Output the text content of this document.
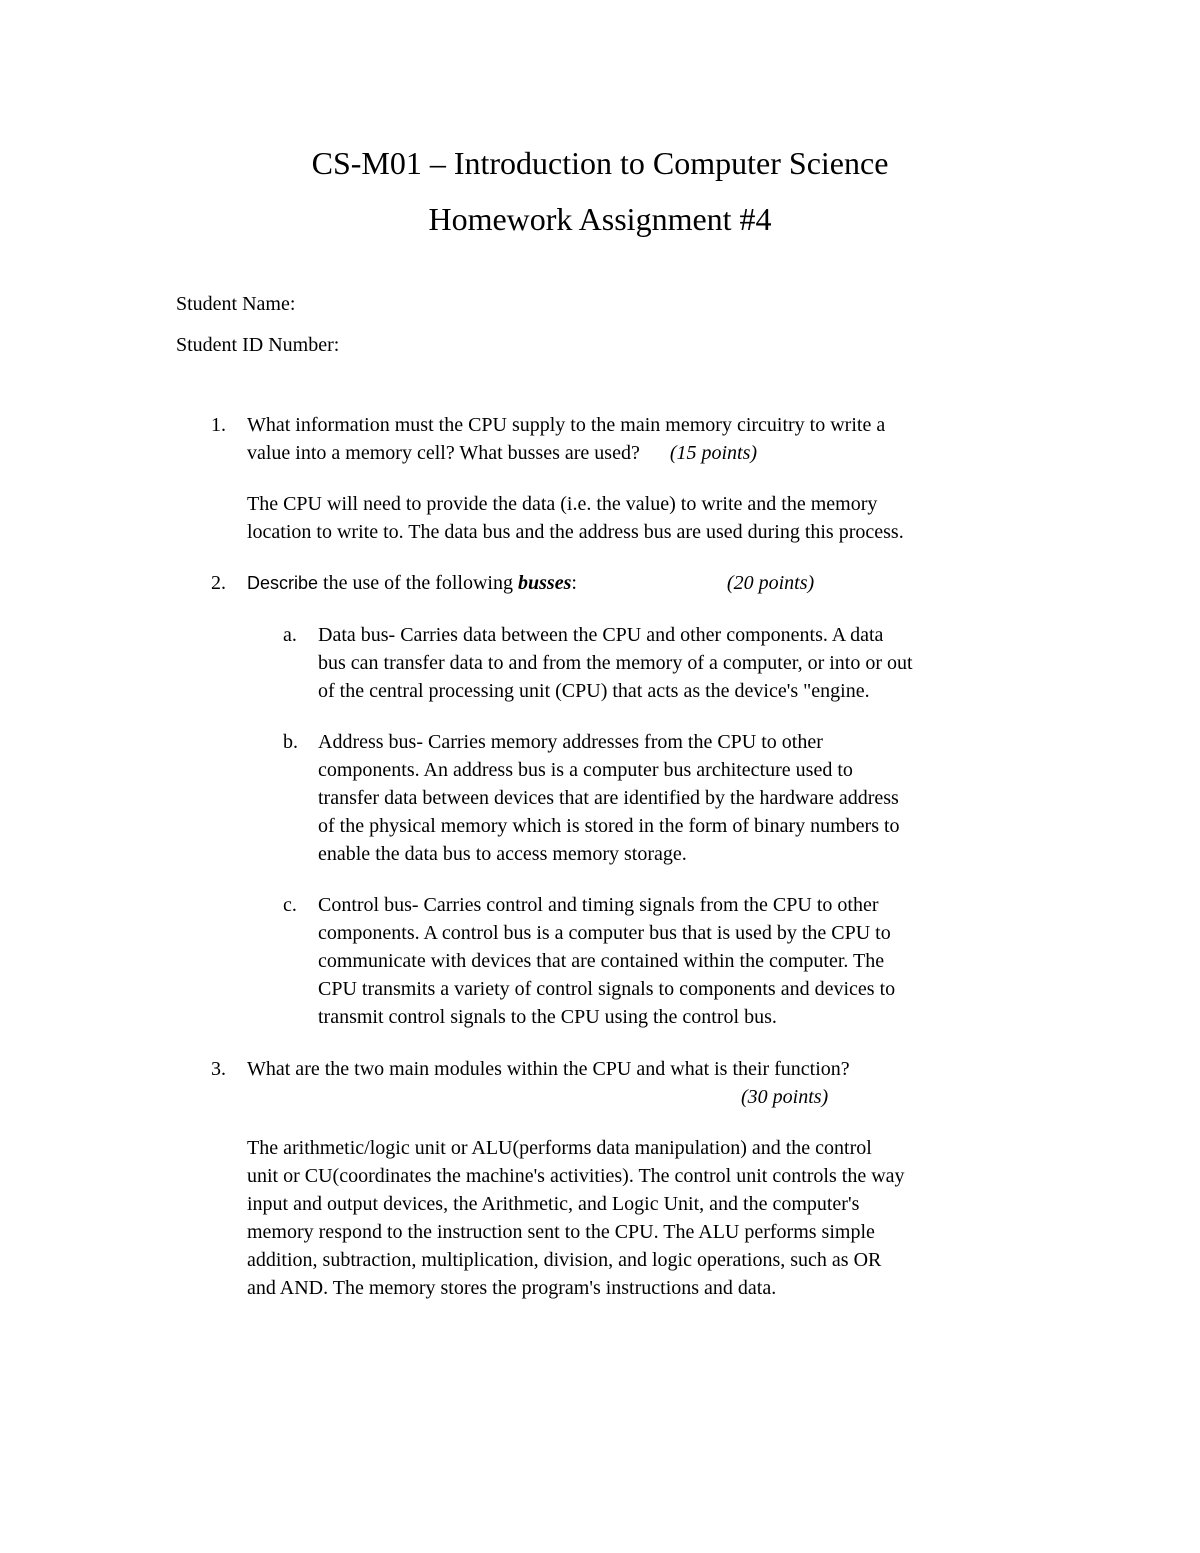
CS-M01 – Introduction to Computer Science
Homework Assignment #4
Student Name:
Student ID Number:
1. What information must the CPU supply to the main memory circuitry to write a
value into a memory cell? What busses are used? (15 points)
The CPU will need to provide the data (i.e. the value) to write and the memory
location to write to. The data bus and the address bus are used during this process.
2. Describe the use of the following busses:	(20 points)
a. Data bus- Carries data between the CPU and other components. A data
bus can transfer data to and from the memory of a computer, or into or out
of the central processing unit (CPU) that acts as the device's "engine.
b. Address bus- Carries memory addresses from the CPU to other
components. An address bus is a computer bus architecture used to
transfer data between devices that are identified by the hardware address
of the physical memory which is stored in the form of binary numbers to
enable the data bus to access memory storage.
c. Control bus- Carries control and timing signals from the CPU to other
components. A control bus is a computer bus that is used by the CPU to
communicate with devices that are contained within the computer. The
CPU transmits a variety of control signals to components and devices to
transmit control signals to the CPU using the control bus.
3. What are the two main modules within the CPU and what is their function?
(30 points)
The arithmetic/logic unit or ALU(performs data manipulation) and the control
unit or CU(coordinates the machine's activities). The control unit controls the way
input and output devices, the Arithmetic, and Logic Unit, and the computer's
memory respond to the instruction sent to the CPU. The ALU performs simple
addition, subtraction, multiplication, division, and logic operations, such as OR
and AND. The memory stores the program's instructions and data.
